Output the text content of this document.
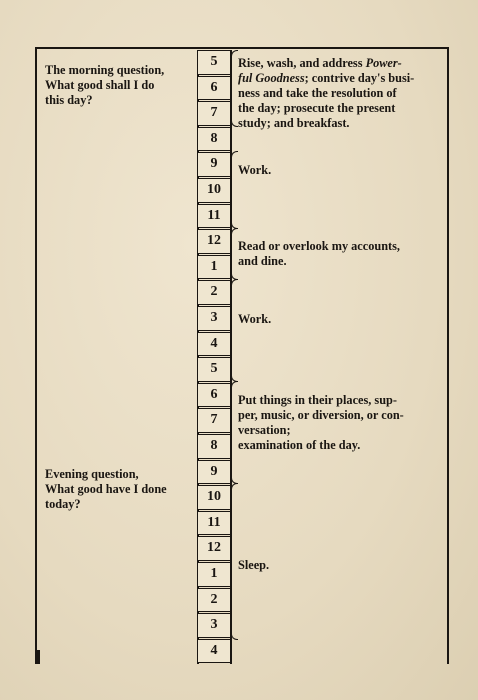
5
6
7
8
9
10
11
12
1
2
3
4
5
6
7
8
9
10
11
12
1
2
3
4
The morning question,
What good shall I do
this day?
Evening question,
What good have I done
today?
Rise, wash, and address Power-
ful Goodness; contrive day's busi-
ness and take the resolution of
the day; prosecute the present
study; and breakfast.
Work.
Read or overlook my accounts,
and dine.
Work.
Put things in their places, sup-
per, music, or diversion, or con-
versation;
examination of the day.
Sleep.
